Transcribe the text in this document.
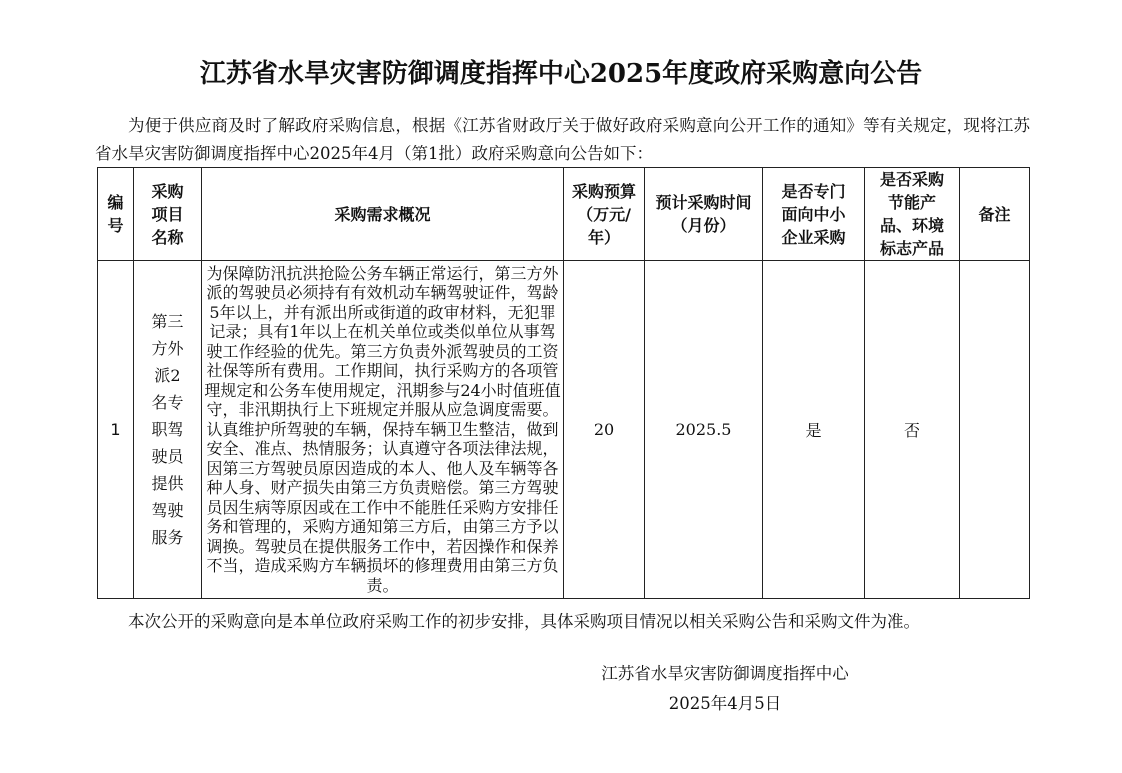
江苏省水旱灾害防御调度指挥中心2025年度政府采购意向公告
为便于供应商及时了解政府采购信息，根据《江苏省财政厅关于做好政府采购意向公开工作的通知》等有关规定，现将江苏省水旱灾害防御调度指挥中心2025年4月（第1批）政府采购意向公告如下：
编号	采购项目名称	采购需求概况	采购预算（万元/年）	预计采购时间（月份）	是否专门面向中小企业采购	是否采购节能产品、环境标志产品	备注
1	第三方外派2名专职驾驶员提供驾驶服务	为保障防汛抗洪抢险公务车辆正常运行，第三方外派的驾驶员必须持有有效机动车辆驾驶证件，驾龄5年以上，并有派出所或街道的政审材料，无犯罪记录；具有1年以上在机关单位或类似单位从事驾驶工作经验的优先。第三方负责外派驾驶员的工资社保等所有费用。工作期间，执行采购方的各项管理规定和公务车使用规定，汛期参与24小时值班值守，非汛期执行上下班规定并服从应急调度需要。认真维护所驾驶的车辆，保持车辆卫生整洁，做到安全、准点、热情服务；认真遵守各项法律法规，因第三方驾驶员原因造成的本人、他人及车辆等各种人身、财产损失由第三方负责赔偿。第三方驾驶员因生病等原因或在工作中不能胜任采购方安排任务和管理的，采购方通知第三方后，由第三方予以调换。驾驶员在提供服务工作中，若因操作和保养不当，造成采购方车辆损坏的修理费用由第三方负责。	20	2025.5	是	否	
本次公开的采购意向是本单位政府采购工作的初步安排，具体采购项目情况以相关采购公告和采购文件为准。
江苏省水旱灾害防御调度指挥中心
2025年4月5日
